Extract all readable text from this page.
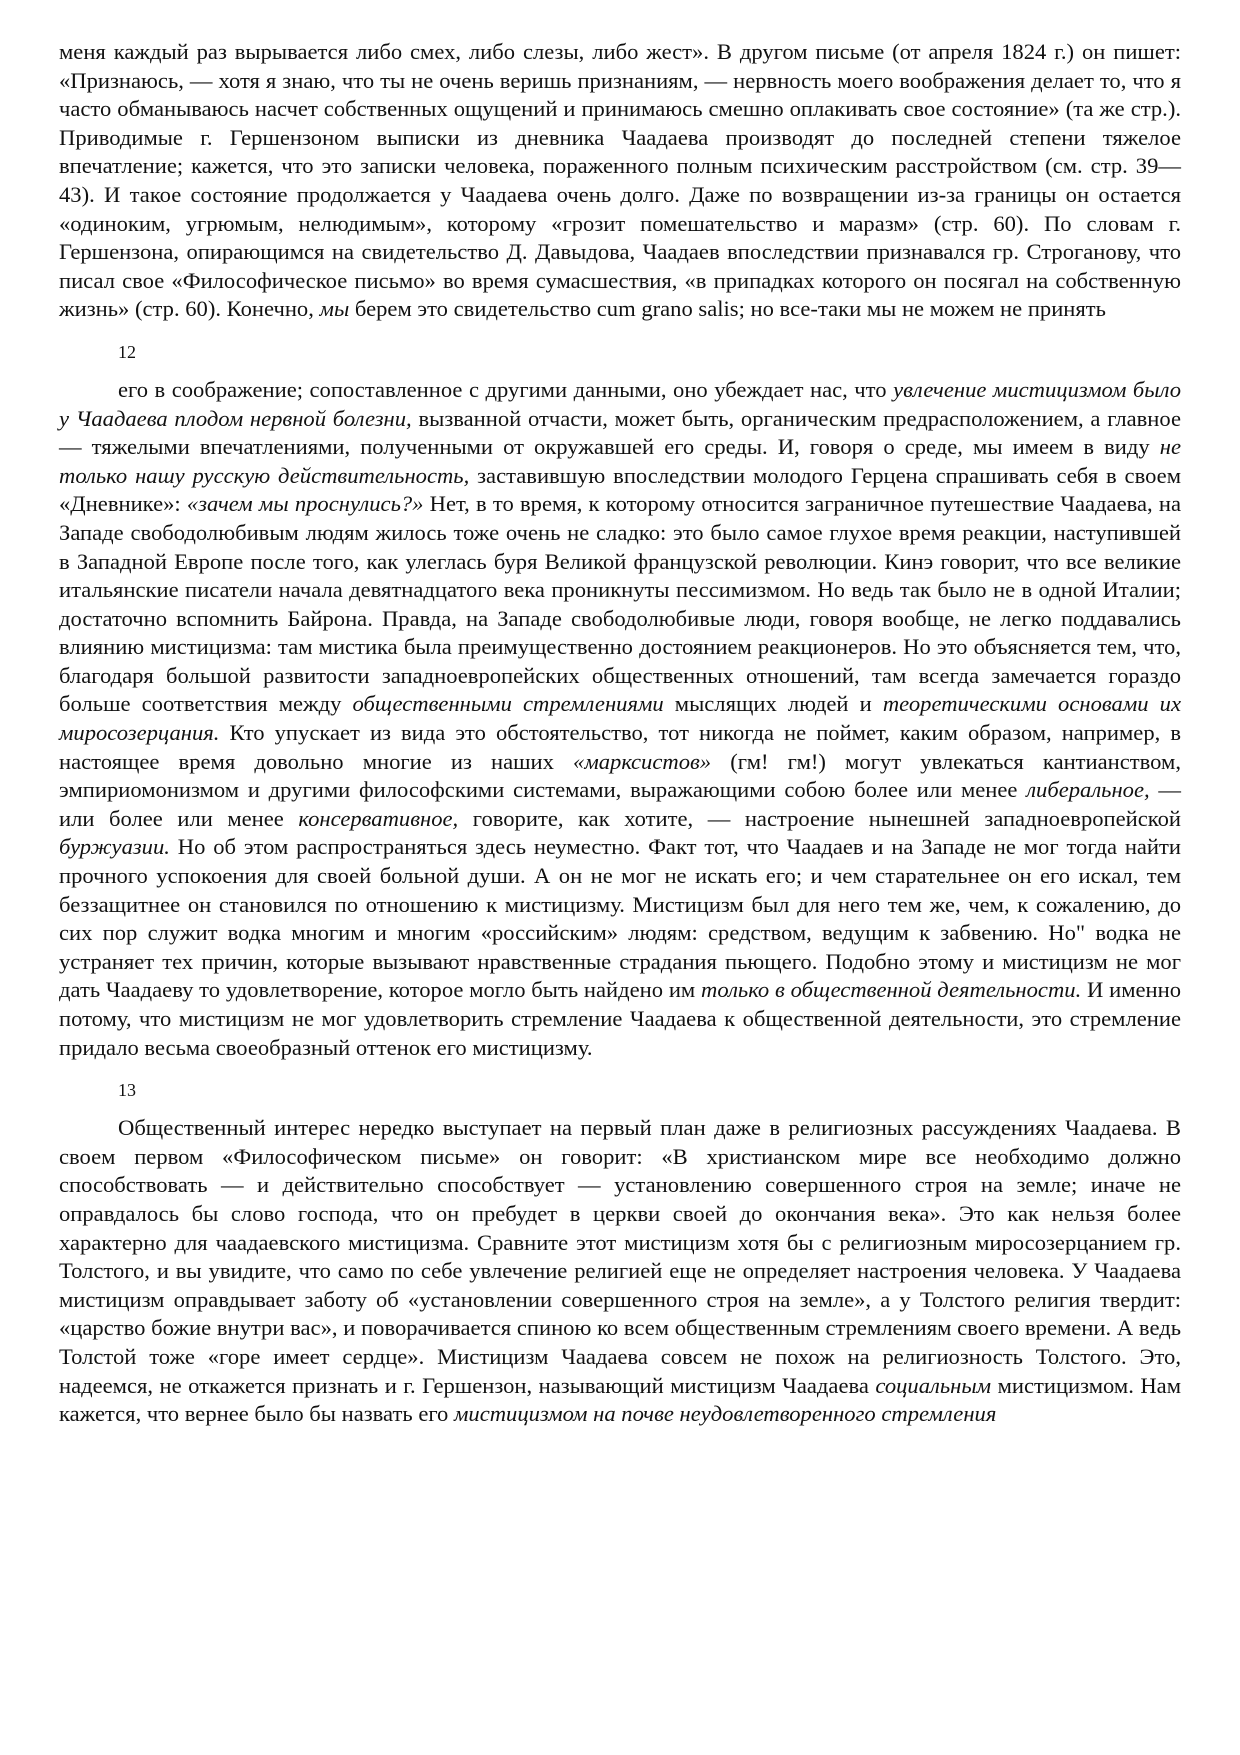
меня каждый раз вырывается либо смех, либо слезы, либо жест». В другом письме (от апреля 1824 г.) он пишет: «Признаюсь, — хотя я знаю, что ты не очень веришь признаниям, — нервность моего воображения делает то, что я часто обманываюсь насчет собственных ощущений и принимаюсь смешно оплакивать свое состояние» (та же стр.). Приводимые г. Гершензоном выписки из дневника Чаадаева производят до последней степени тяжелое впечатление; кажется, что это записки человека, пораженного полным психическим расстройством (см. стр. 39—43). И такое состояние продолжается у Чаадаева очень долго. Даже по возвращении из-за границы он остается «одиноким, угрюмым, нелюдимым», которому «грозит помешательство и маразм» (стр. 60). По словам г. Гершензона, опирающимся на свидетельство Д. Давыдова, Чаадаев впоследствии признавался гр. Строганову, что писал свое «Философическое письмо» во время сумасшествия, «в припадках которого он посягал на собственную жизнь» (стр. 60). Конечно, мы берем это свидетельство cum grano salis; но все-таки мы не можем не принять

12

его в соображение; сопоставленное с другими данными, оно убеждает нас, что увлечение мистицизмом было у Чаадаева плодом нервной болезни, вызванной отчасти, может быть, органическим предрасположением, а главное — тяжелыми впечатлениями, полученными от окружавшей его среды. И, говоря о среде, мы имеем в виду не только нашу русскую действительность, заставившую впоследствии молодого Герцена спрашивать себя в своем «Дневнике»: «зачем мы проснулись?» Нет, в то время, к которому относится заграничное путешествие Чаадаева, на Западе свободолюбивым людям жилось тоже очень не сладко: это было самое глухое время реакции, наступившей в Западной Европе после того, как улеглась буря Великой французской революции. Кинэ говорит, что все великие итальянские писатели начала девятнадцатого века проникнуты пессимизмом. Но ведь так было не в одной Италии; достаточно вспомнить Байрона. Правда, на Западе свободолюбивые люди, говоря вообще, не легко поддавались влиянию мистицизма: там мистика была преимущественно достоянием реакционеров. Но это объясняется тем, что, благодаря большой развитости западноевропейских общественных отношений, там всегда замечается гораздо больше соответствия между общественными стремлениями мыслящих людей и теоретическими основами их миросозерцания. Кто упускает из вида это обстоятельство, тот никогда не поймет, каким образом, например, в настоящее время довольно многие из наших «марксистов» (гм! гм!) могут увлекаться кантианством, эмпириомонизмом и другими философскими системами, выражающими собою более или менее либеральное, — или более или менее консервативное, говорите, как хотите, — настроение нынешней западноевропейской буржуазии. Но об этом распространяться здесь неуместно. Факт тот, что Чаадаев и на Западе не мог тогда найти прочного успокоения для своей больной души. А он не мог не искать его; и чем старательнее он его искал, тем беззащитнее он становился по отношению к мистицизму. Мистицизм был для него тем же, чем, к сожалению, до сих пор служит водка многим и многим «российским» людям: средством, ведущим к забвению. Но" водка не устраняет тех причин, которые вызывают нравственные страдания пьющего. Подобно этому и мистицизм не мог дать Чаадаеву то удовлетворение, которое могло быть найдено им только в общественной деятельности. И именно потому, что мистицизм не мог удовлетворить стремление Чаадаева к общественной деятельности, это стремление придало весьма своеобразный оттенок его мистицизму.

13

Общественный интерес нередко выступает на первый план даже в религиозных рассуждениях Чаадаева. В своем первом «Философическом письме» он говорит: «В христианском мире все необходимо должно способствовать — и действительно способствует — установлению совершенного строя на земле; иначе не оправдалось бы слово господа, что он пребудет в церкви своей до окончания века». Это как нельзя более характерно для чаадаевского мистицизма. Сравните этот мистицизм хотя бы с религиозным миросозерцанием гр. Толстого, и вы увидите, что само по себе увлечение религией еще не определяет настроения человека. У Чаадаева мистицизм оправдывает заботу об «установлении совершенного строя на земле», а у Толстого религия твердит: «царство божие внутри вас», и поворачивается спиною ко всем общественным стремлениям своего времени. А ведь Толстой тоже «горе имеет сердце». Мистицизм Чаадаева совсем не похож на религиозность Толстого. Это, надеемся, не откажется признать и г. Гершензон, называющий мистицизм Чаадаева социальным мистицизмом. Нам кажется, что вернее было бы назвать его мистицизмом на почве неудовлетворенного стремления
